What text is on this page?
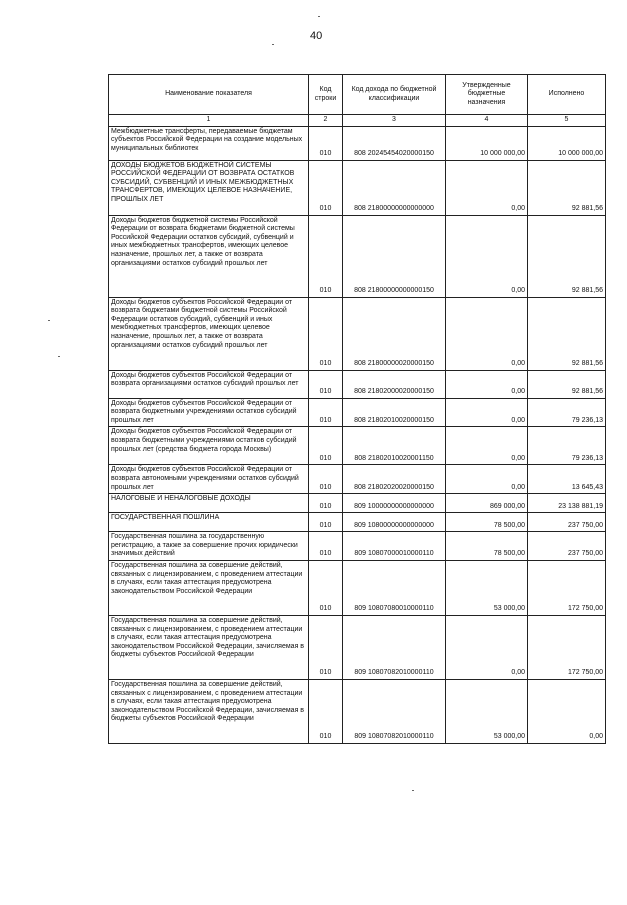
40
Наименование показателя	Код строки	Код дохода по бюджетной классификации	Утвержденные бюджетные назначения	Исполнено
1	2	3	4	5
Межбюджетные трансферты, передаваемые бюджетам субъектов Российской Федерации на создание модельных муниципальных библиотек	010	808 20245454020000150	10 000 000,00	10 000 000,00
ДОХОДЫ БЮДЖЕТОВ БЮДЖЕТНОЙ СИСТЕМЫ РОССИЙСКОЙ ФЕДЕРАЦИИ ОТ ВОЗВРАТА ОСТАТКОВ СУБСИДИЙ, СУБВЕНЦИЙ И ИНЫХ МЕЖБЮДЖЕТНЫХ ТРАНСФЕРТОВ, ИМЕЮЩИХ ЦЕЛЕВОЕ НАЗНАЧЕНИЕ, ПРОШЛЫХ ЛЕТ	010	808 21800000000000000	0,00	92 881,56
Доходы бюджетов бюджетной системы Российской Федерации от возврата бюджетами бюджетной системы Российской Федерации остатков субсидий, субвенций и иных межбюджетных трансфертов, имеющих целевое назначение, прошлых лет, а также от возврата организациями остатков субсидий прошлых лет	010	808 21800000000000150	0,00	92 881,56
Доходы бюджетов субъектов Российской Федерации от возврата бюджетами бюджетной системы Российской Федерации остатков субсидий, субвенций и иных межбюджетных трансфертов, имеющих целевое назначение, прошлых лет, а также от возврата организациями остатков субсидий прошлых лет	010	808 21800000020000150	0,00	92 881,56
Доходы бюджетов субъектов Российской Федерации от возврата организациями остатков субсидий прошлых лет	010	808 21802000020000150	0,00	92 881,56
Доходы бюджетов субъектов Российской Федерации от возврата бюджетными учреждениями остатков субсидий прошлых лет	010	808 21802010020000150	0,00	79 236,13
Доходы бюджетов субъектов Российской Федерации от возврата бюджетными учреждениями остатков субсидий прошлых лет (средства бюджета города Москвы)	010	808 21802010020001150	0,00	79 236,13
Доходы бюджетов субъектов Российской Федерации от возврата автономными учреждениями остатков субсидий прошлых лет	010	808 21802020020000150	0,00	13 645,43
НАЛОГОВЫЕ И НЕНАЛОГОВЫЕ ДОХОДЫ	010	809 10000000000000000	869 000,00	23 138 881,19
ГОСУДАРСТВЕННАЯ ПОШЛИНА	010	809 10800000000000000	78 500,00	237 750,00
Государственная пошлина за государственную регистрацию, а также за совершение прочих юридически значимых действий	010	809 10807000010000110	78 500,00	237 750,00
Государственная пошлина за совершение действий, связанных с лицензированием, с проведением аттестации в случаях, если такая аттестация предусмотрена законодательством Российской Федерации	010	809 10807080010000110	53 000,00	172 750,00
Государственная пошлина за совершение действий, связанных с лицензированием, с проведением аттестации в случаях, если такая аттестация предусмотрена законодательством Российской Федерации, зачисляемая в бюджеты субъектов Российской Федерации	010	809 10807082010000110	0,00	172 750,00
Государственная пошлина за совершение действий, связанных с лицензированием, с проведением аттестации в случаях, если такая аттестация предусмотрена законодательством Российской Федерации, зачисляемая в бюджеты субъектов Российской Федерации	010	809 10807082010000110	53 000,00	0,00
